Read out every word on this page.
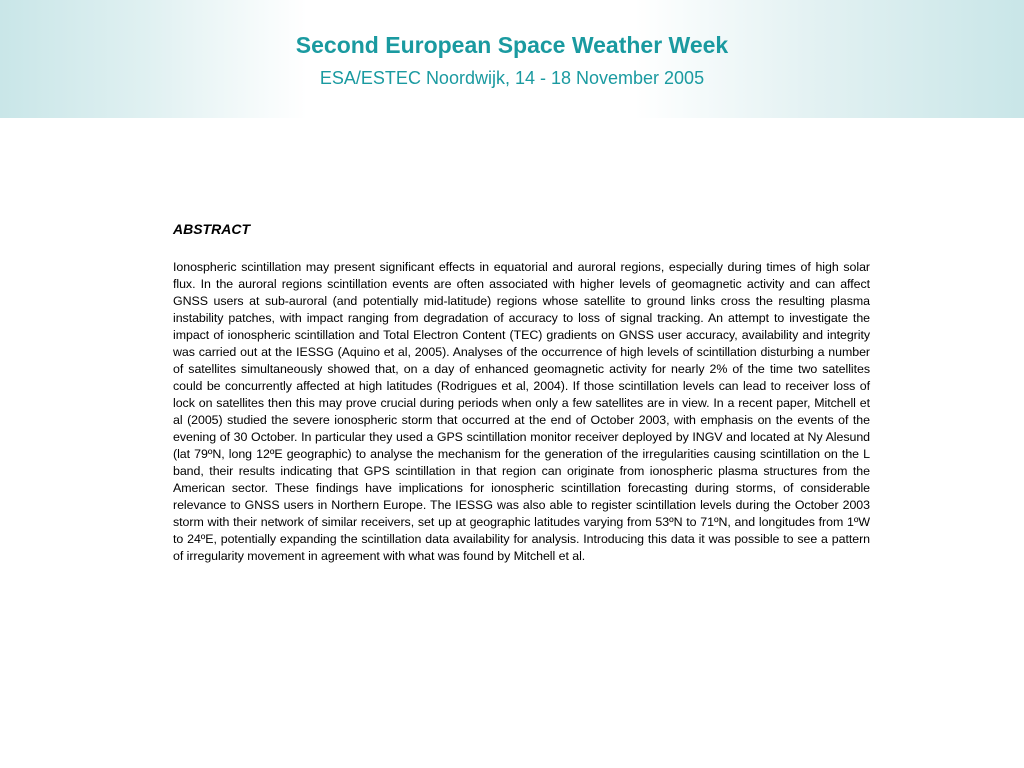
Second European Space Weather Week
ESA/ESTEC Noordwijk, 14 - 18 November 2005

ABSTRACT

Ionospheric scintillation may present significant effects in equatorial and auroral regions, especially during times of high solar flux. In the auroral regions scintillation events are often associated with higher levels of geomagnetic activity and can affect GNSS users at sub-auroral (and potentially mid-latitude) regions whose satellite to ground links cross the resulting plasma instability patches, with impact ranging from degradation of accuracy to loss of signal tracking. An attempt to investigate the impact of ionospheric scintillation and Total Electron Content (TEC) gradients on GNSS user accuracy, availability and integrity was carried out at the IESSG (Aquino et al, 2005). Analyses of the occurrence of high levels of scintillation disturbing a number of satellites simultaneously showed that, on a day of enhanced geomagnetic activity for nearly 2% of the time two satellites could be concurrently affected at high latitudes (Rodrigues et al, 2004). If those scintillation levels can lead to receiver loss of lock on satellites then this may prove crucial during periods when only a few satellites are in view. In a recent paper, Mitchell et al (2005) studied the severe ionospheric storm that occurred at the end of October 2003, with emphasis on the events of the evening of 30 October. In particular they used a GPS scintillation monitor receiver deployed by INGV and located at Ny Alesund (lat 79ºN, long 12ºE geographic) to analyse the mechanism for the generation of the irregularities causing scintillation on the L band, their results indicating that GPS scintillation in that region can originate from ionospheric plasma structures from the American sector. These findings have implications for ionospheric scintillation forecasting during storms, of considerable relevance to GNSS users in Northern Europe. The IESSG was also able to register scintillation levels during the October 2003 storm with their network of similar receivers, set up at geographic latitudes varying from 53ºN to 71ºN, and longitudes from 1ºW to 24ºE, potentially expanding the scintillation data availability for analysis. Introducing this data it was possible to see a pattern of irregularity movement in agreement with what was found by Mitchell et al.
